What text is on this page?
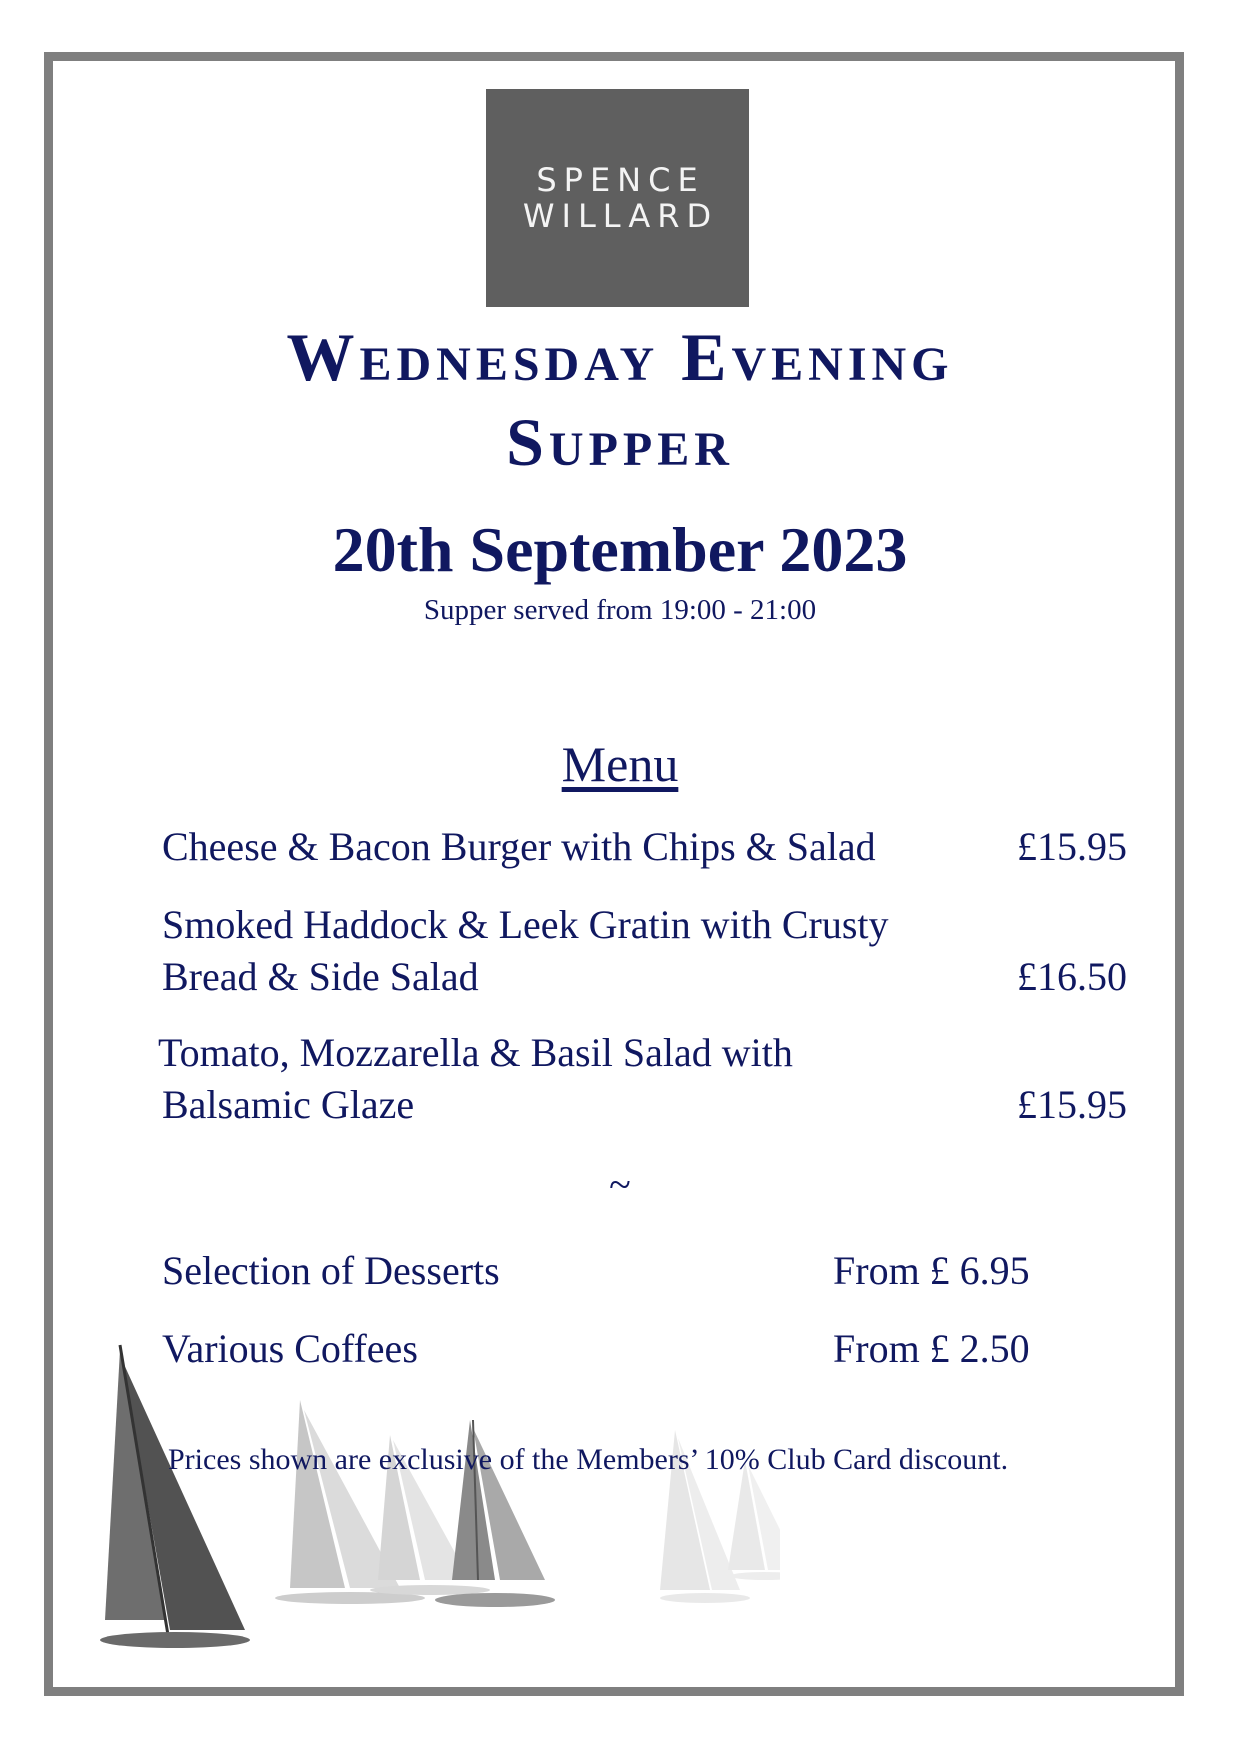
SPENCE
WILLARD
Wednesday Evening
Supper
20th September 2023
Supper served from 19:00 - 21:00
Menu
Cheese & Bacon Burger with Chips & Salad	£15.95
Smoked Haddock & Leek Gratin with Crusty
Bread & Side Salad	£16.50
Tomato, Mozzarella & Basil Salad with
Balsamic Glaze	£15.95
~
Selection of Desserts	From £ 6.95
Various Coffees	From £ 2.50
Prices shown are exclusive of the Members’ 10% Club Card discount.
